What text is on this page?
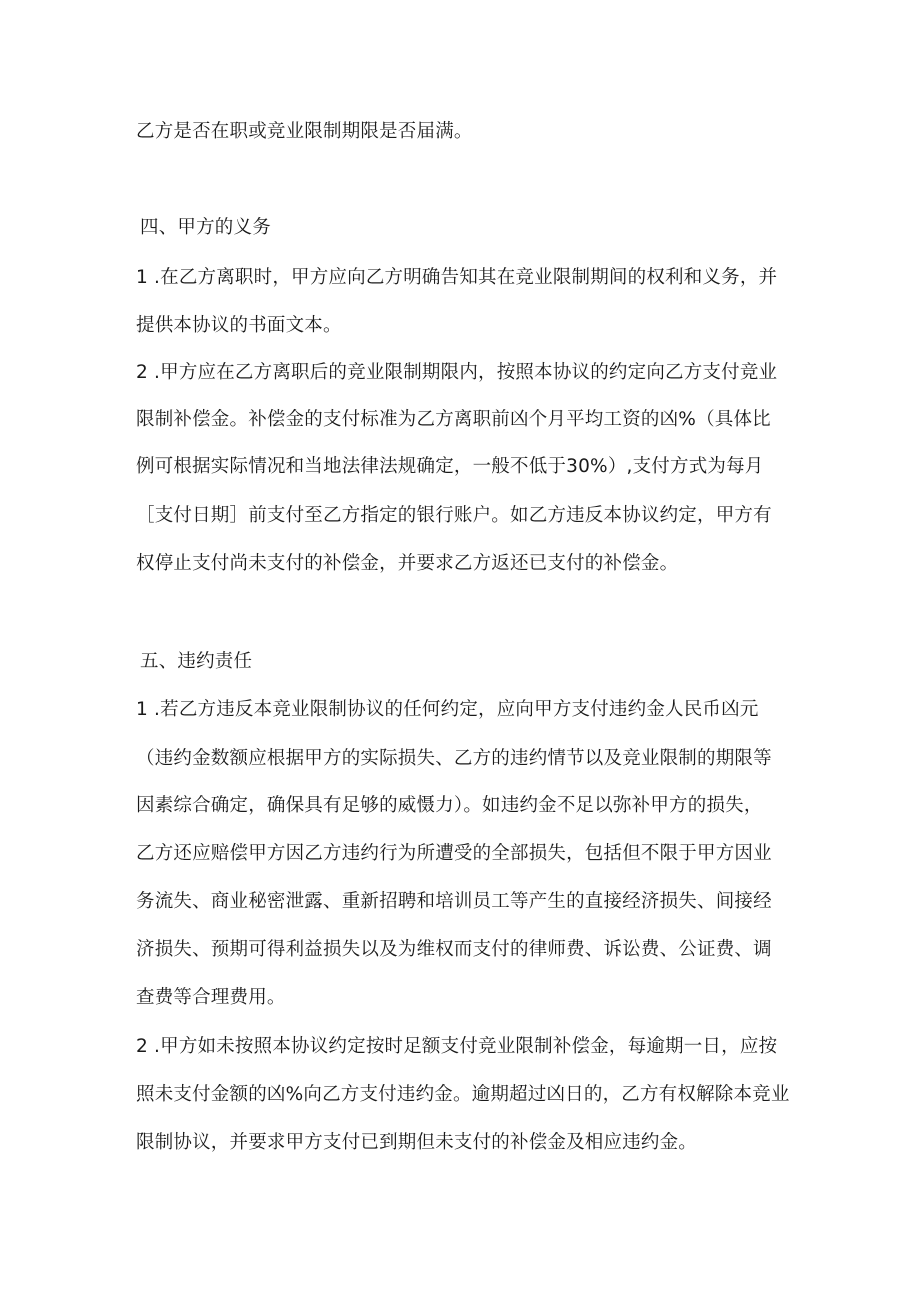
乙方是否在职或竞业限制期限是否届满。
四、甲方的义务
1 .在乙方离职时，甲方应向乙方明确告知其在竞业限制期间的权利和义务，并
提供本协议的书面文本。
2 .甲方应在乙方离职后的竞业限制期限内，按照本协议的约定向乙方支付竞业
限制补偿金。补偿金的支付标准为乙方离职前凶个月平均工资的凶%（具体比
例可根据实际情况和当地法律法规确定，一般不低于30%）,支付方式为每月
［支付日期］前支付至乙方指定的银行账户。如乙方违反本协议约定，甲方有
权停止支付尚未支付的补偿金，并要求乙方返还已支付的补偿金。
五、违约责任
1 .若乙方违反本竞业限制协议的任何约定，应向甲方支付违约金人民币凶元
（违约金数额应根据甲方的实际损失、乙方的违约情节以及竞业限制的期限等
因素综合确定，确保具有足够的威慑力）。如违约金不足以弥补甲方的损失，
乙方还应赔偿甲方因乙方违约行为所遭受的全部损失，包括但不限于甲方因业
务流失、商业秘密泄露、重新招聘和培训员工等产生的直接经济损失、间接经
济损失、预期可得利益损失以及为维权而支付的律师费、诉讼费、公证费、调
查费等合理费用。
2 .甲方如未按照本协议约定按时足额支付竞业限制补偿金，每逾期一日，应按
照未支付金额的凶%向乙方支付违约金。逾期超过凶日的，乙方有权解除本竞业
限制协议，并要求甲方支付已到期但未支付的补偿金及相应违约金。
